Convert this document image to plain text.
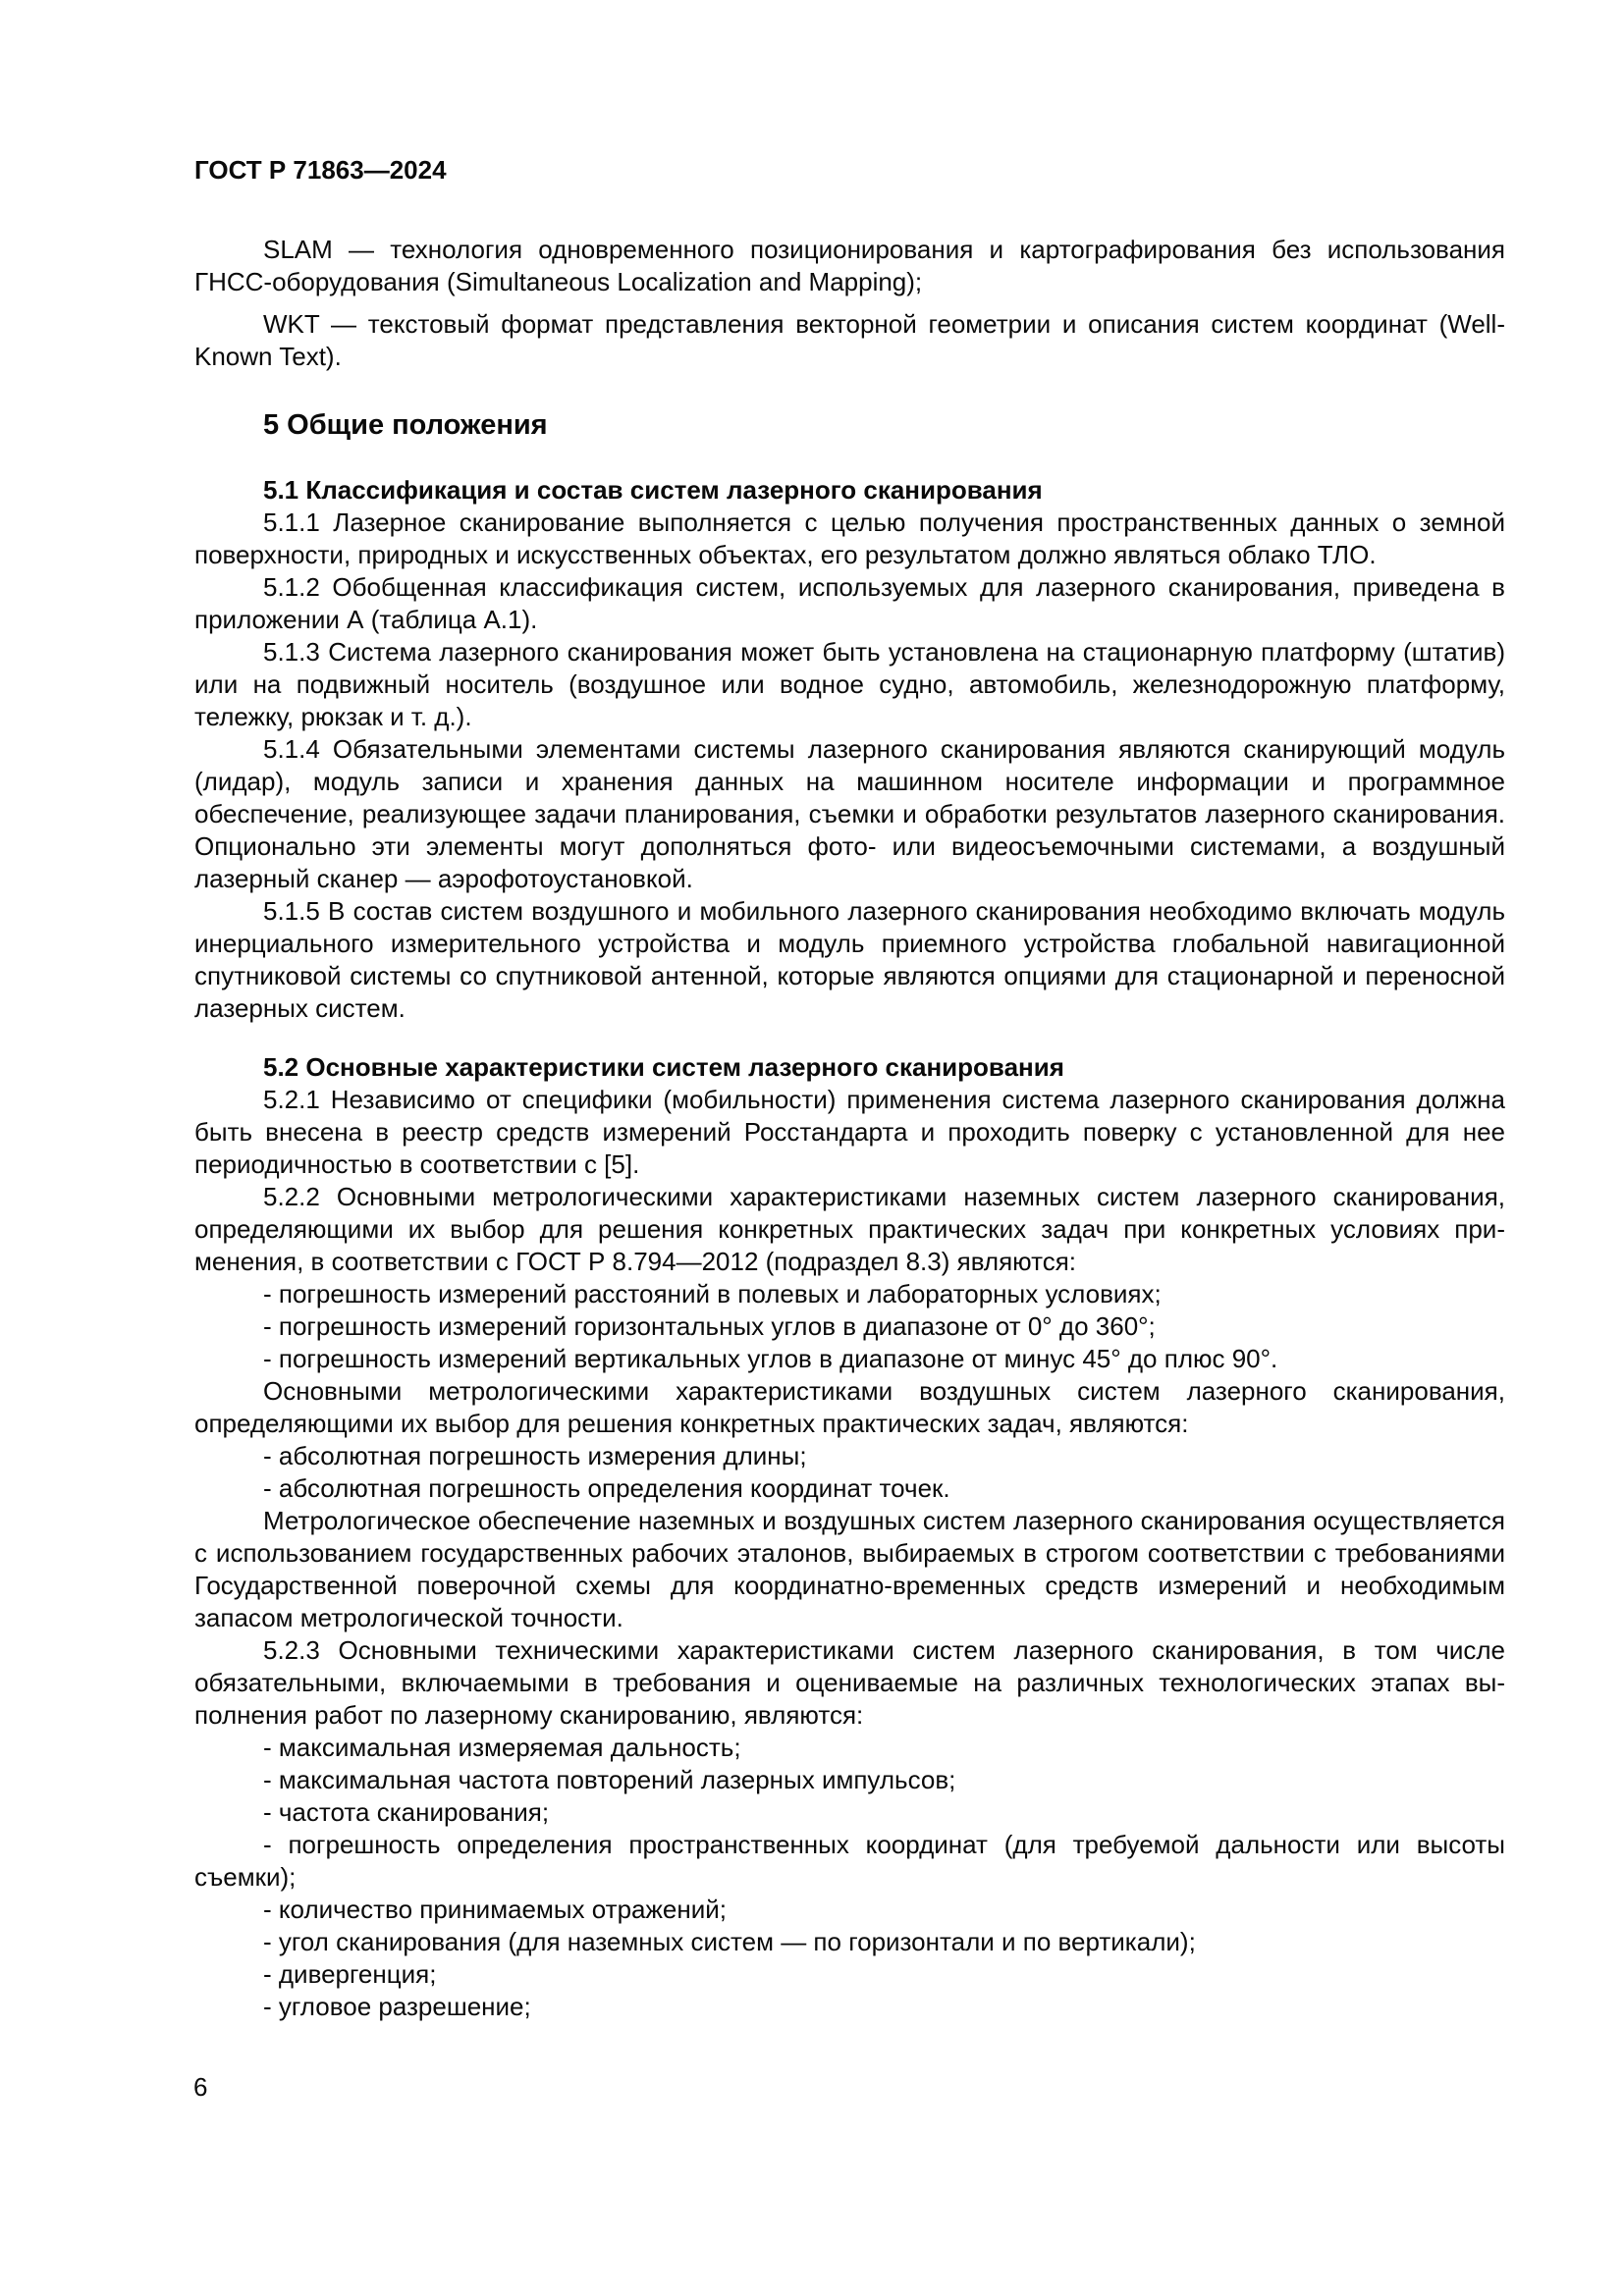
ГОСТ Р 71863—2024

SLAM — технология одновременного позиционирования и картографирования без использования ГНСС-оборудования (Simultaneous Localization and Mapping);

WKT — текстовый формат представления векторной геометрии и описания систем координат (Well-Known Text).

5 Общие положения
5.1 Классификация и состав систем лазерного сканирования

5.1.1 Лазерное сканирование выполняется с целью получения пространственных данных о земной поверхности, природных и искусственных объектах, его результатом должно являться облако ТЛО.

5.1.2 Обобщенная классификация систем, используемых для лазерного сканирования, приведена в приложении А (таблица А.1).

5.1.3 Система лазерного сканирования может быть установлена на стационарную платформу (штатив) или на подвижный носитель (воздушное или водное судно, автомобиль, железнодорожную платформу, тележку, рюкзак и т. д.).

5.1.4 Обязательными элементами системы лазерного сканирования являются сканирующий модуль (лидар), модуль записи и хранения данных на машинном носителе информации и программное обеспечение, реализующее задачи планирования, съемки и обработки результатов лазерного сканирования. Опционально эти элементы могут дополняться фото- или видеосъемочными системами, а воздушный лазерный сканер — аэрофотоустановкой.

5.1.5 В состав систем воздушного и мобильного лазерного сканирования необходимо включать модуль инерциального измерительного устройства и модуль приемного устройства глобальной навигационной спутниковой системы со спутниковой антенной, которые являются опциями для стационарной и переносной лазерных систем.

5.2 Основные характеристики систем лазерного сканирования

5.2.1 Независимо от специфики (мобильности) применения система лазерного сканирования должна быть внесена в реестр средств измерений Росстандарта и проходить поверку с установленной для нее периодичностью в соответствии с [5].

5.2.2 Основными метрологическими характеристиками наземных систем лазерного сканирования, определяющими их выбор для решения конкретных практических задач при конкретных условиях применения, в соответствии с ГОСТ Р 8.794—2012 (подраздел 8.3) являются:

- погрешность измерений расстояний в полевых и лабораторных условиях;

- погрешность измерений горизонтальных углов в диапазоне от 0° до 360°;

- погрешность измерений вертикальных углов в диапазоне от минус 45° до плюс 90°.

Основными метрологическими характеристиками воздушных систем лазерного сканирования, определяющими их выбор для решения конкретных практических задач, являются:

- абсолютная погрешность измерения длины;

- абсолютная погрешность определения координат точек.

Метрологическое обеспечение наземных и воздушных систем лазерного сканирования осуществляется с использованием государственных рабочих эталонов, выбираемых в строгом соответствии с требованиями Государственной поверочной схемы для координатно-временных средств измерений и необходимым запасом метрологической точности.

5.2.3 Основными техническими характеристиками систем лазерного сканирования, в том числе обязательными, включаемыми в требования и оцениваемые на различных технологических этапах выполнения работ по лазерному сканированию, являются:

- максимальная измеряемая дальность;

- максимальная частота повторений лазерных импульсов;

- частота сканирования;

- погрешность определения пространственных координат (для требуемой дальности или высоты съемки);

- количество принимаемых отражений;

- угол сканирования (для наземных систем — по горизонтали и по вертикали);

- дивергенция;

- угловое разрешение;

6
